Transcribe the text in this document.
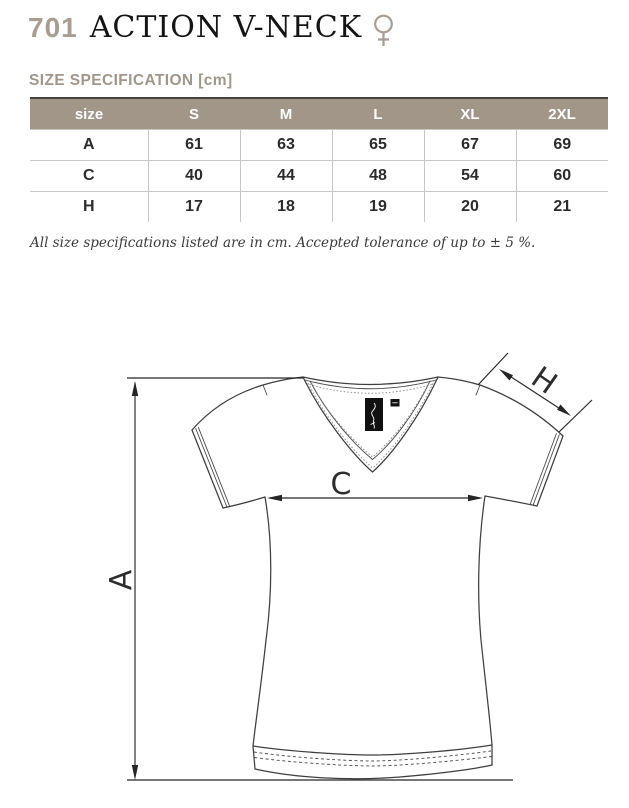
701 ACTION V-NECK
SIZE SPECIFICATION [cm]
size	S	M	L	XL	2XL
A	61	63	65	67	69
C	40	44	48	54	60
H	17	18	19	20	21
All size specifications listed are in cm. Accepted tolerance of up to ± 5 %.
A
C
H
